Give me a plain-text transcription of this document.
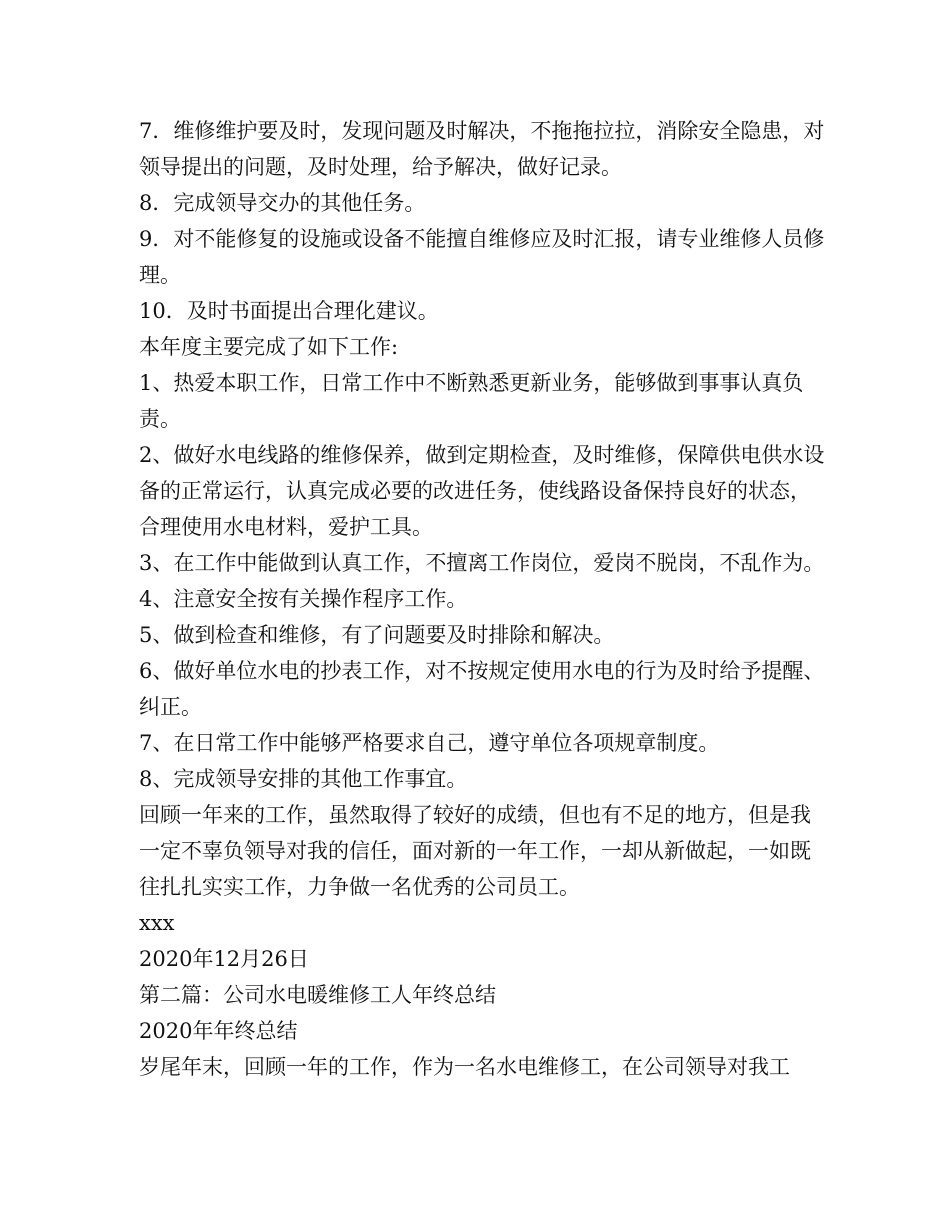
7．维修维护要及时，发现问题及时解决，不拖拖拉拉，消除安全隐患，对领导提出的问题，及时处理，给予解决，做好记录。

8．完成领导交办的其他任务。

9．对不能修复的设施或设备不能擅自维修应及时汇报，请专业维修人员修理。

10．及时书面提出合理化建议。

本年度主要完成了如下工作:

1、热爱本职工作，日常工作中不断熟悉更新业务，能够做到事事认真负责。

2、做好水电线路的维修保养，做到定期检查，及时维修，保障供电供水设备的正常运行，认真完成必要的改进任务，使线路设备保持良好的状态，合理使用水电材料，爱护工具。

3、在工作中能做到认真工作，不擅离工作岗位，爱岗不脱岗，不乱作为。

4、注意安全按有关操作程序工作。

5、做到检查和维修，有了问题要及时排除和解决。

6、做好单位水电的抄表工作，对不按规定使用水电的行为及时给予提醒、纠正。

7、在日常工作中能够严格要求自己，遵守单位各项规章制度。

8、完成领导安排的其他工作事宜。

回顾一年来的工作，虽然取得了较好的成绩，但也有不足的地方，但是我一定不辜负领导对我的信任，面对新的一年工作，一却从新做起，一如既往扎扎实实工作，力争做一名优秀的公司员工。

xxx

2020年12月26日

第二篇：公司水电暖维修工人年终总结

2020年年终总结

岁尾年末，回顾一年的工作，作为一名水电维修工，在公司领导对我工
